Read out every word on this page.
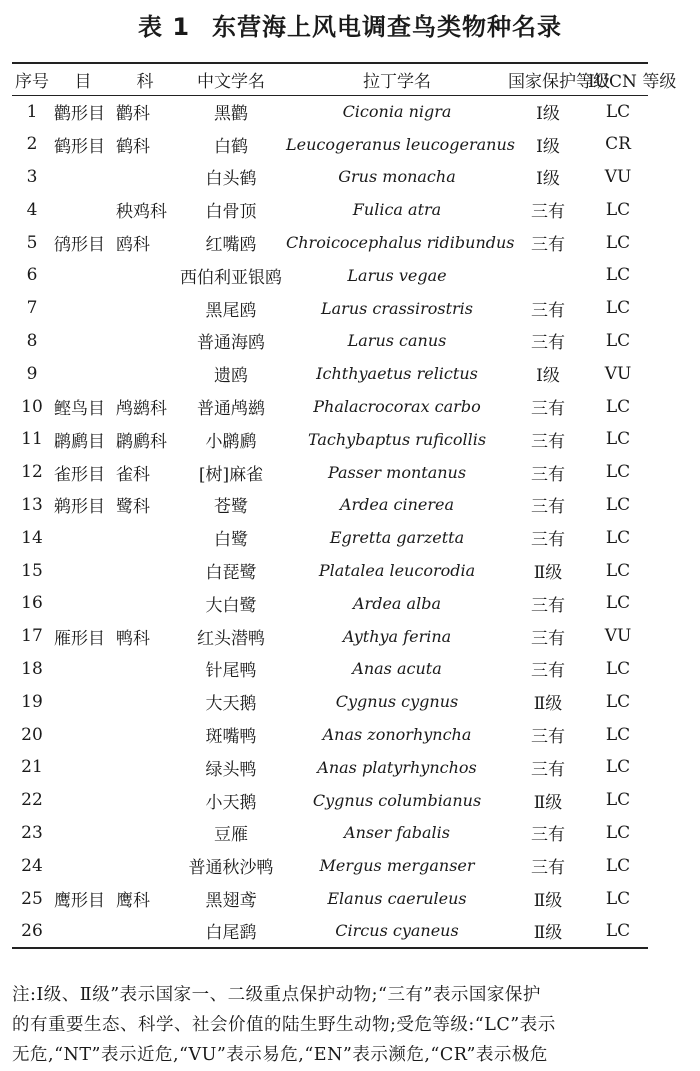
表 1 东营海上风电调查鸟类物种名录
序号	目	科	中文学名	拉丁学名	国家保护等级	IUCN 等级
1	鹳形目	鹳科	黑鹳	Ciconia nigra	Ⅰ级	LC
2	鹤形目	鹤科	白鹤	Leucogeranus leucogeranus	Ⅰ级	CR
3			白头鹤	Grus monacha	Ⅰ级	VU
4		秧鸡科	白骨顶	Fulica atra	三有	LC
5	鸻形目	鸥科	红嘴鸥	Chroicocephalus ridibundus	三有	LC
6			西伯利亚银鸥	Larus vegae		LC
7			黑尾鸥	Larus crassirostris	三有	LC
8			普通海鸥	Larus canus	三有	LC
9			遗鸥	Ichthyaetus relictus	Ⅰ级	VU
10	鲣鸟目	鸬鹚科	普通鸬鹚	Phalacrocorax carbo	三有	LC
11	䴙䴘目	䴙䴘科	小䴙䴘	Tachybaptus ruficollis	三有	LC
12	雀形目	雀科	[树]麻雀	Passer montanus	三有	LC
13	鹈形目	鹭科	苍鹭	Ardea cinerea	三有	LC
14			白鹭	Egretta garzetta	三有	LC
15			白琵鹭	Platalea leucorodia	Ⅱ级	LC
16			大白鹭	Ardea alba	三有	LC
17	雁形目	鸭科	红头潜鸭	Aythya ferina	三有	VU
18			针尾鸭	Anas acuta	三有	LC
19			大天鹅	Cygnus cygnus	Ⅱ级	LC
20			斑嘴鸭	Anas zonorhyncha	三有	LC
21			绿头鸭	Anas platyrhynchos	三有	LC
22			小天鹅	Cygnus columbianus	Ⅱ级	LC
23			豆雁	Anser fabalis	三有	LC
24			普通秋沙鸭	Mergus merganser	三有	LC
25	鹰形目	鹰科	黑翅鸢	Elanus caeruleus	Ⅱ级	LC
26			白尾鹞	Circus cyaneus	Ⅱ级	LC

注:Ⅰ级、Ⅱ级”表示国家一、二级重点保护动物;“三有”表示国家保护

的有重要生态、科学、社会价值的陆生野生动物;受危等级:“LC”表示

无危,“NT”表示近危,“VU”表示易危,“EN”表示濒危,“CR”表示极危
